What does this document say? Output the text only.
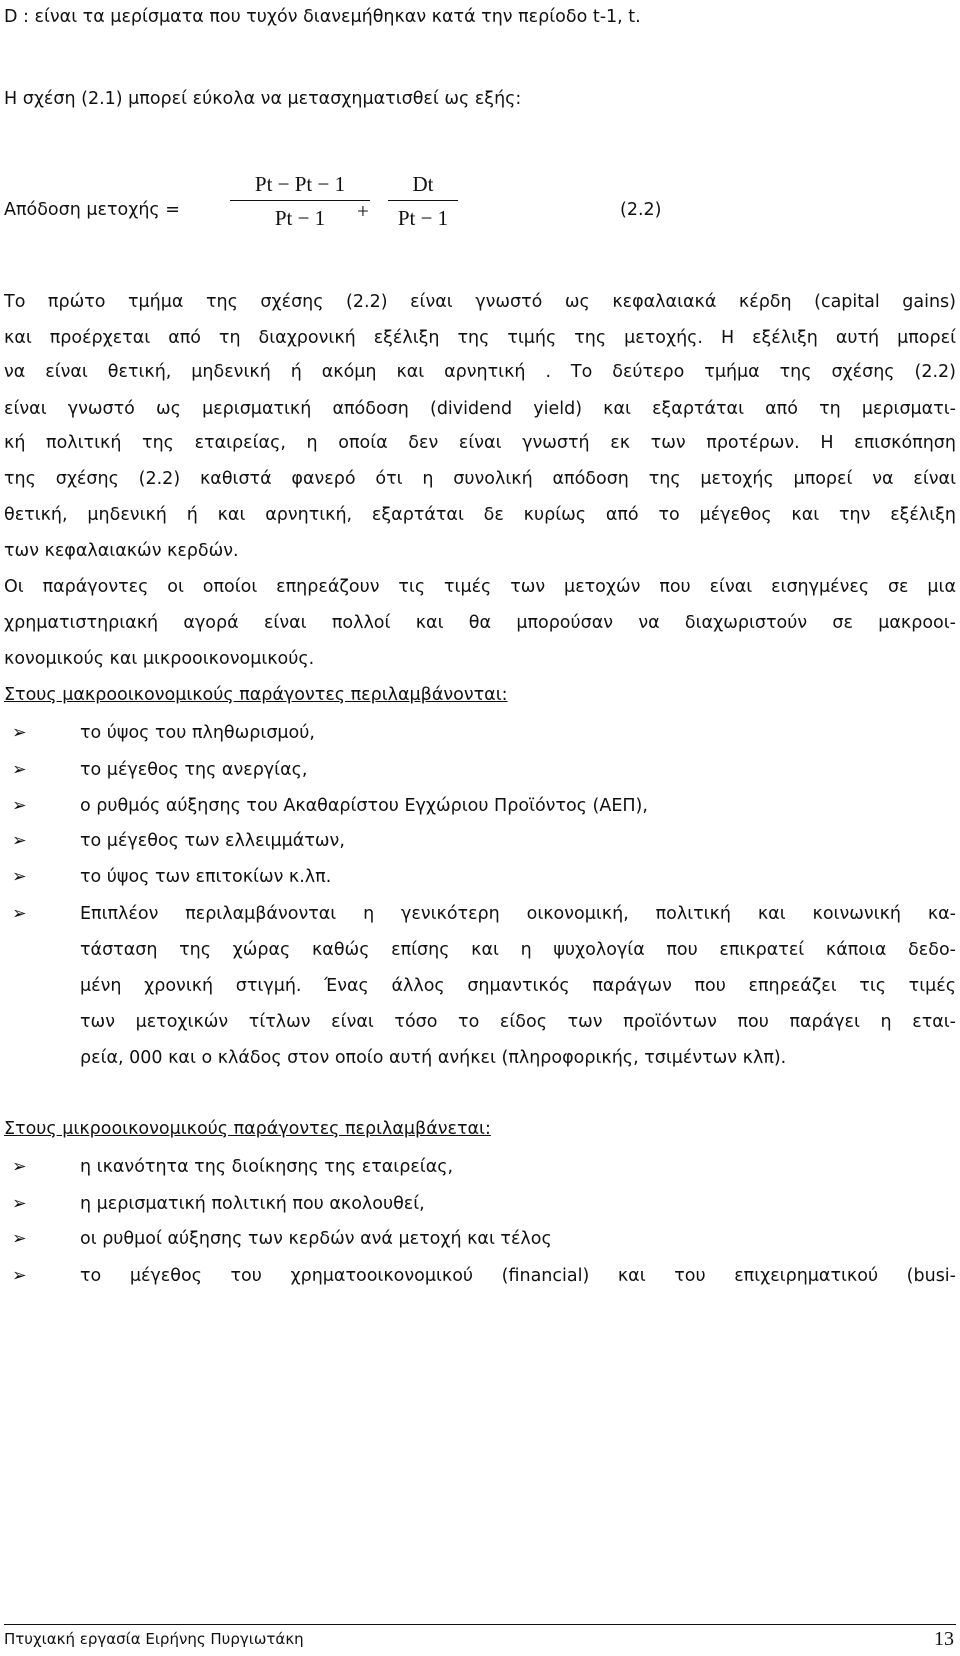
D : είναι τα μερίσματα που τυχόν διανεμήθηκαν κατά την περίοδο t-1, t.
Η σχέση (2.1) μπορεί εύκολα να μετασχηματισθεί ως εξής:
Απόδοση $\mu\varepsilon\tau o\chi ή\varsigma = \frac{Pt - Pt - 1}{Pt - 1}$
+ $\frac{Dt}{Pt - 1}$	(2.2)
Το πρώτο τμήμα της σχέσης (2.2) είναι γνωστό ως κεφαλαιακά κέρδη (capital gains)
και προέρχεται από τη διαχρονική εξέλιξη της τιμής της μετοχής. Η εξέλιξη αυτή μπορεί
να είναι θετική, μηδενική ή ακόμη και αρνητική . Το δεύτερο τμήμα της σχέσης (2.2)
είναι γνωστό ως μερισματική απόδοση (dividend yield) και εξαρτάται από τη μερισματι-
κή πολιτική της εταιρείας, η οποία δεν είναι γνωστή εκ των προτέρων. Η επισκόπηση
της σχέσης (2.2) καθιστά φανερό ότι η συνολική απόδοση της μετοχής μπορεί να είναι
θετική, μηδενική ή και αρνητική, εξαρτάται δε κυρίως από το μέγεθος και την εξέλιξη
των κεφαλαιακών κερδών.
Οι παράγοντες οι οποίοι επηρεάζουν τις τιμές των μετοχών που είναι εισηγμένες σε μια
χρηματιστηριακή αγορά είναι πολλοί και θα μπορούσαν να διαχωριστούν σε μακροοι-
κονομικούς και μικροοικονομικούς.
Στους μακροοικονομικούς παράγοντες περιλαμβάνονται:
➢	το ύψος του πληθωρισμού,
➢	το μέγεθος της ανεργίας,
➢	ο ρυθμός αύξησης του Ακαθαρίστου Εγχώριου Προϊόντος (ΑΕΠ),
➢	το μέγεθος των ελλειμμάτων,
➢	το ύψος των επιτοκίων κ.λπ.
➢	Επιπλέον περιλαμβάνονται η γενικότερη οικονομική, πολιτική και κοινωνική κα-
τάσταση της χώρας καθώς επίσης και η ψυχολογία που επικρατεί κάποια δεδο-
μένη χρονική στιγμή. Ένας άλλος σημαντικός παράγων που επηρεάζει τις τιμές
των μετοχικών τίτλων είναι τόσο το είδος των προϊόντων που παράγει η εται-
ρεία, 000 και ο κλάδος στον οποίο αυτή ανήκει (πληροφορικής, τσιμέντων κλπ).
Στους μικροοικονομικούς παράγοντες περιλαμβάνεται:
➢	η ικανότητα της διοίκησης της εταιρείας,
➢	η μερισματική πολιτική που ακολουθεί,
➢	οι ρυθμοί αύξησης των κερδών ανά μετοχή και τέλος
➢	το μέγεθος του χρηματοοικονομικού (financial) και του επιχειρηματικού (busi-
Πτυχιακή εργασία Ειρήνης Πυργιωτάκη	13
